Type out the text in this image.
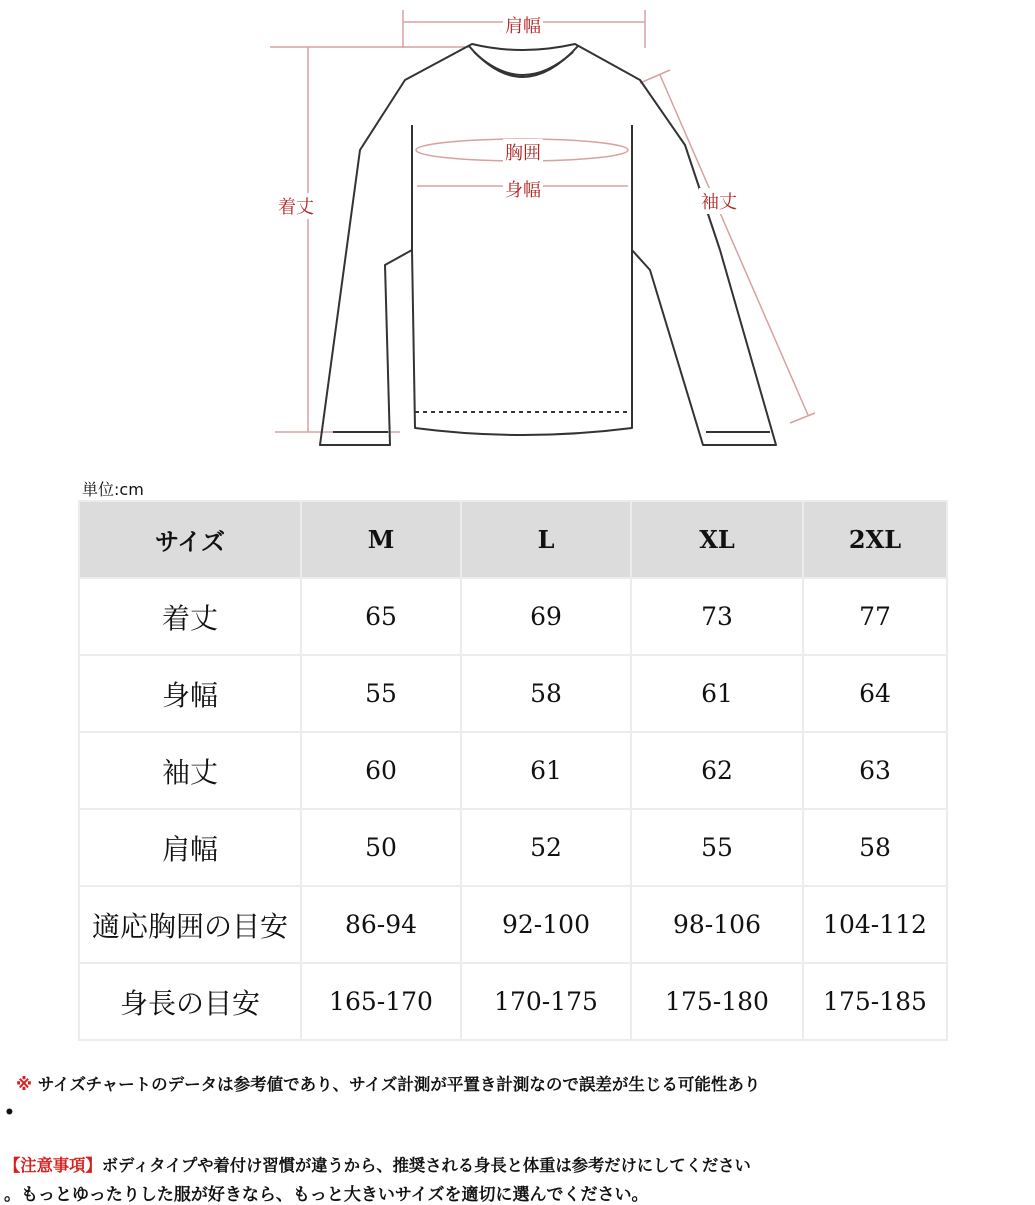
肩幅
胸囲
身幅
着丈	袖丈
単位:cm
サイズ	M	L	XL	2XL
着丈	65	69	73	77
身幅	55	58	61	64
袖丈	60	61	62	63
肩幅	50	52	55	58
適応胸囲の目安	86-94	92-100	98-106	104-112
身長の目安	165-170	170-175	175-180	175-185
※ サイズチャートのデータは参考値であり、サイズ計測が平置き計測なので誤差が生じる可能性あり
•
【注意事項】ボディタイプや着付け習慣が違うから、推奨される身長と体重は参考だけにしてください
。もっとゆったりした服が好きなら、もっと大きいサイズを適切に選んでください。
